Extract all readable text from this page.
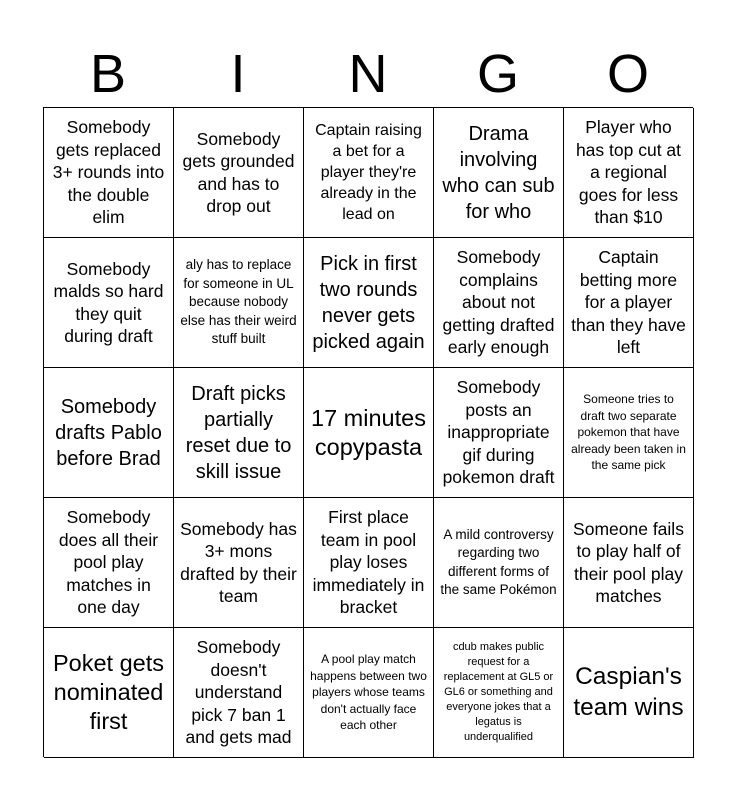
B	I	N	G	O
Somebody gets replaced 3+ rounds into the double elim
Somebody gets grounded and has to drop out
Captain raising a bet for a player they're already in the lead on
Drama involving who can sub for who
Player who has top cut at a regional goes for less than $10
Somebody malds so hard they quit during draft
aly has to replace for someone in UL because nobody else has their weird stuff built
Pick in first two rounds never gets picked again
Somebody complains about not getting drafted early enough
Captain betting more for a player than they have left
Somebody drafts Pablo before Brad
Draft picks partially reset due to skill issue
17 minutes copypasta
Somebody posts an inappropriate gif during pokemon draft
Someone tries to draft two separate pokemon that have already been taken in the same pick
Somebody does all their pool play matches in one day
Somebody has 3+ mons drafted by their team
First place team in pool play loses immediately in bracket
A mild controversy regarding two different forms of the same Pokémon
Someone fails to play half of their pool play matches
Poket gets nominated first
Somebody doesn't understand pick 7 ban 1 and gets mad
A pool play match happens between two players whose teams don't actually face each other
cdub makes public request for a replacement at GL5 or GL6 or something and everyone jokes that a legatus is underqualified
Caspian's team wins
